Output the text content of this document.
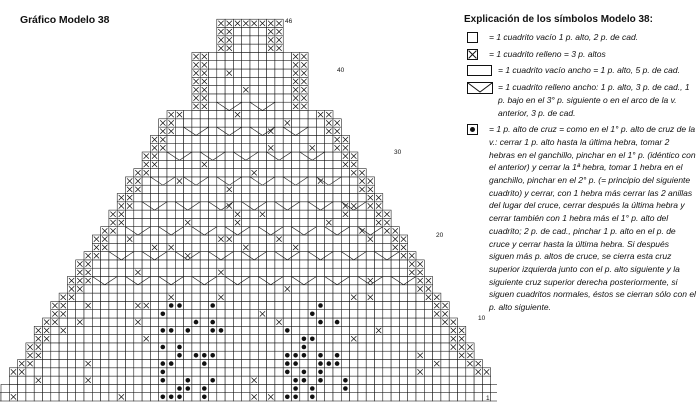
Gráfico Modelo 38	46
40
30
20
10
1
Explicación de los símbolos Modelo 38:
= 1 cuadrito vacío 1 p. alto, 2 p. de cad.
= 1 cuadrito relleno = 3 p. altos
= 1 cuadrito vacío ancho = 1 p. alto, 5 p. de cad.
= 1 cuadrito relleno ancho: 1 p. alto, 3 p. de cad., 1 p. bajo en el 3° p. siguiente o en el arco de la v. anterior, 3 p. de cad.
= 1 p. alto de cruz = como en el 1° p. alto de cruz de la v.: cerrar 1 p. alto hasta la última hebra, tomar 2 hebras en el ganchillo, pinchar en el 1° p. (idéntico con el anterior) y cerrar la 1ª hebra, tomar 1 hebra en el ganchillo, pinchar en el 2° p. (= principio del siguiente cuadrito) y cerrar, con 1 hebra más cerrar las 2 anillas del lugar del cruce, cerrar después la última hebra y cerrar también con 1 hebra más el 1° p. alto del cuadrito; 2 p. de cad., pinchar 1 p. alto en el p. de cruce y cerrar hasta la última hebra. Si después siguen más p. altos de cruce, se cierra esta cruz superior izquierda junto con el p. alto siguiente y la siguiente cruz superior derecha posteriormente, si siguen cuadritos normales, éstos se cierran sólo con el p. alto siguiente.
